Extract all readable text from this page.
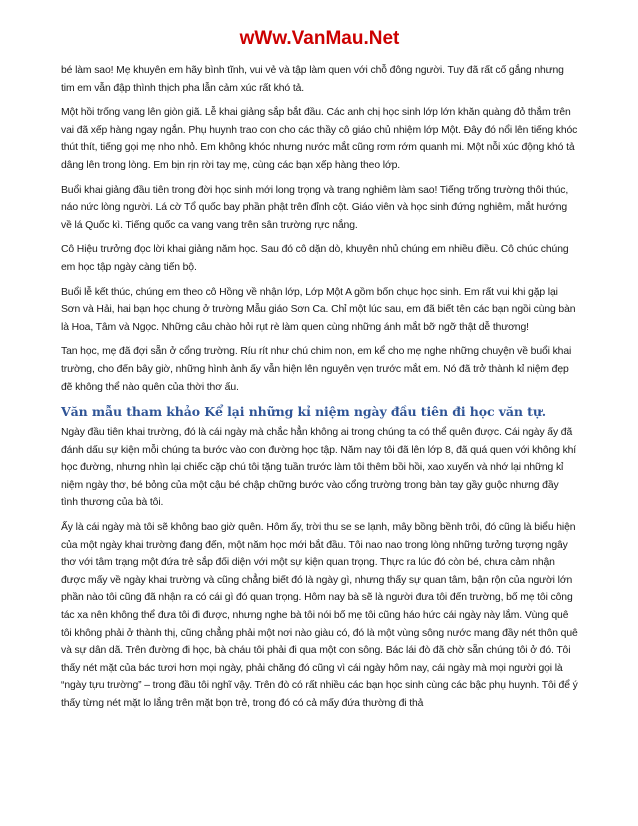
wWw.VanMau.Net

bé làm sao! Mẹ khuyên em hãy bình tĩnh, vui vẻ và tập làm quen với chỗ đông người. Tuy đã rất cố gắng nhưng tim em vẫn đập thình thịch pha lẫn cảm xúc rất khó tả.

Một hồi trống vang lên giòn giã. Lễ khai giảng sắp bắt đầu. Các anh chị học sinh lớp lớn khăn quàng đỏ thắm trên vai đã xếp hàng ngay ngắn. Phụ huynh trao con cho các thầy cô giáo chủ nhiệm lớp Một. Đây đó nổi lên tiếng khóc thút thít, tiếng gọi mẹ nho nhỏ. Em không khóc nhưng nước mắt cũng rơm rớm quanh mi. Một nỗi xúc động khó tả dâng lên trong lòng. Em bịn rịn rời tay mẹ, cùng các bạn xếp hàng theo lớp.

Buổi khai giảng đầu tiên trong đời học sinh mới long trọng và trang nghiêm làm sao! Tiếng trống trường thôi thúc, náo nức lòng người. Lá cờ Tổ quốc bay phần phật trên đỉnh cột. Giáo viên và học sinh đứng nghiêm, mắt hướng về lá Quốc kì. Tiếng quốc ca vang vang trên sân trường rực nắng.

Cô Hiệu trưởng đọc lời khai giảng năm học. Sau đó cô dặn dò, khuyên nhủ chúng em nhiều điều. Cô chúc chúng em học tập ngày càng tiến bộ.

Buổi lễ kết thúc, chúng em theo cô Hồng về nhận lớp, Lớp Một A gồm bốn chục học sinh. Em rất vui khi gặp lại Sơn và Hải, hai bạn học chung ở trường Mẫu giáo Sơn Ca. Chỉ một lúc sau, em đã biết tên các bạn ngồi cùng bàn là Hoa, Tâm và Ngọc. Những câu chào hỏi rụt rè làm quen cùng những ánh mắt bỡ ngỡ thật dễ thương!

Tan học, mẹ đã đợi sẵn ở cổng trường. Ríu rít như chú chim non, em kể cho mẹ nghe những chuyện về buổi khai trường, cho đến bây giờ, những hình ảnh ấy vẫn hiện lên nguyên vẹn trước mắt em. Nó đã trở thành kỉ niệm đẹp đẽ không thể nào quên của thời thơ ấu.

Văn mẫu tham khảo Kể lại những kỉ niệm ngày đầu tiên đi học văn tự.

Ngày đầu tiên khai trường, đó là cái ngày mà chắc hẳn không ai trong chúng ta có thể quên được. Cái ngày ấy đã đánh dấu sự kiện mỗi chúng ta bước vào con đường học tập. Năm nay tôi đã lên lớp 8, đã quá quen với không khí học đường, nhưng nhìn lại chiếc cặp chú tôi tặng tuần trước làm tôi thêm bồi hồi, xao xuyến và nhớ lại những kỉ niệm ngày thơ, bé bỏng của một cậu bé chập chững bước vào cổng trường trong bàn tay gầy guộc nhưng đầy tình thương của bà tôi.

Ấy là cái ngày mà tôi sẽ không bao giờ quên. Hôm ấy, trời thu se se lạnh, mây bồng bềnh trôi, đó cũng là biểu hiện của một ngày khai trường đang đến, một năm học mới bắt đầu. Tôi nao nao trong lòng những tưởng tượng ngây thơ với tâm trạng một đứa trẻ sắp đối diện với một sự kiện quan trọng. Thực ra lúc đó còn bé, chưa cảm nhận được mấy về ngày khai trường và cũng chẳng biết đó là ngày gì, nhưng thấy sự quan tâm, bận rộn của người lớn phần nào tôi cũng đã nhận ra có cái gì đó quan trọng. Hôm nay bà sẽ là người đưa tôi đến trường, bố mẹ tôi công tác xa nên không thể đưa tôi đi được, nhưng nghe bà tôi nói bố mẹ tôi cũng háo hức cái ngày này lắm. Vùng quê tôi không phải ở thành thị, cũng chẳng phải một nơi nào giàu có, đó là một vùng sông nước mang đầy nét thôn quê và sự dân dã. Trên đường đi học, bà cháu tôi phải đi qua một con sông. Bác lái đò đã chờ sẵn chúng tôi ở đó. Tôi thấy nét mặt của bác tươi hơn mọi ngày, phải chăng đó cũng vì cái ngày hôm nay, cái ngày mà mọi người gọi là “ngày tựu trường” – trong đầu tôi nghĩ vậy. Trên đò có rất nhiều các bạn học sinh cùng các bậc phụ huynh. Tôi để ý thấy từng nét mặt lo lắng trên mặt bọn trẻ, trong đó có cả mấy đứa thường đi thả
